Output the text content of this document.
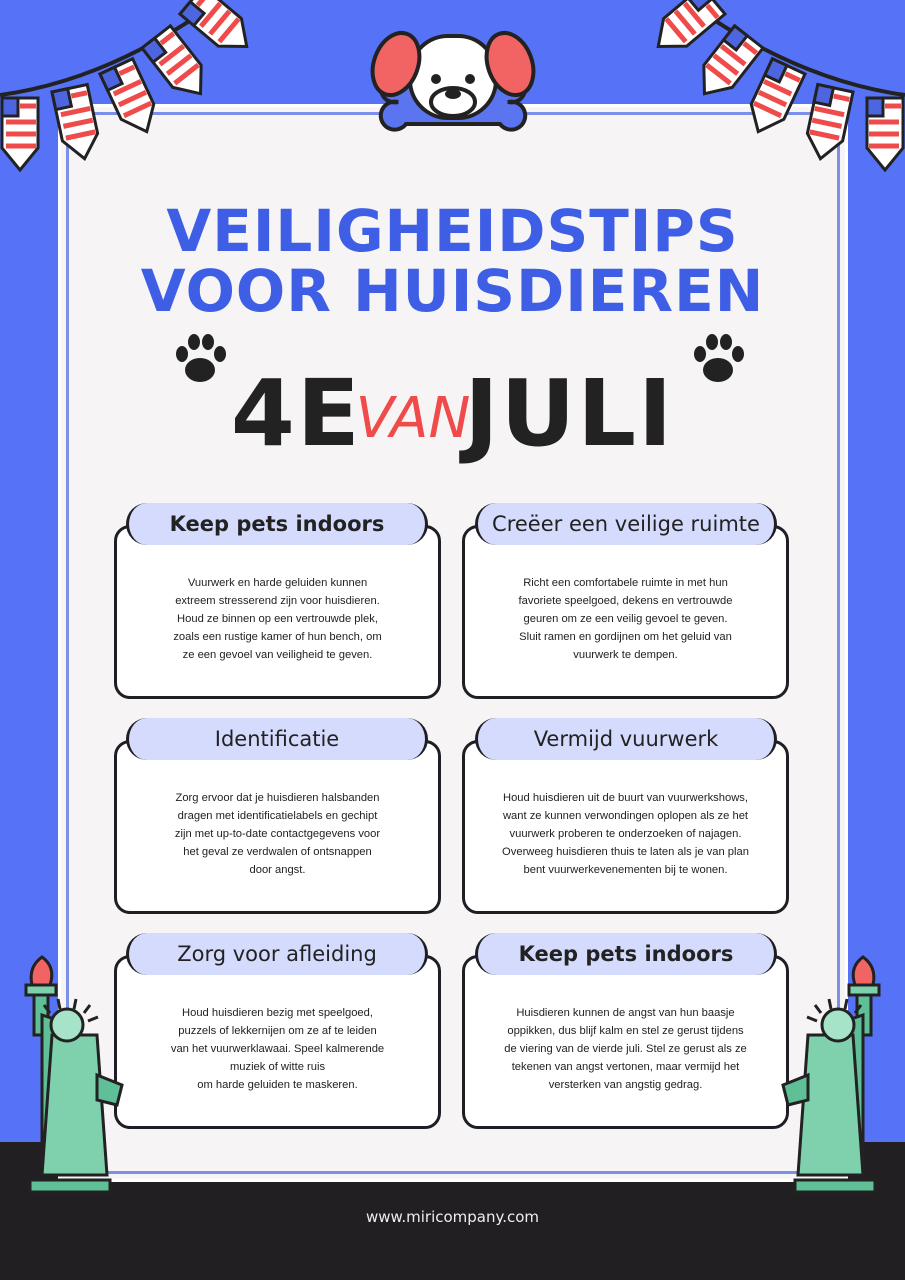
VEILIGHEIDSTIPS
VOOR HUISDIEREN
4EVANJULI
Vuurwerk en harde geluiden kunnen
extreem stresserend zijn voor huisdieren.
Houd ze binnen op een vertrouwde plek,
zoals een rustige kamer of hun bench, om
ze een gevoel van veiligheid te geven.
Keep pets indoors
Richt een comfortabele ruimte in met hun
favoriete speelgoed, dekens en vertrouwde
geuren om ze een veilig gevoel te geven.
Sluit ramen en gordijnen om het geluid van
vuurwerk te dempen.
Creëer een veilige ruimte
Zorg ervoor dat je huisdieren halsbanden
dragen met identificatielabels en gechipt
zijn met up-to-date contactgegevens voor
het geval ze verdwalen of ontsnappen
door angst.
Identificatie
Houd huisdieren uit de buurt van vuurwerkshows,
want ze kunnen verwondingen oplopen als ze het
vuurwerk proberen te onderzoeken of najagen.
Overweeg huisdieren thuis te laten als je van plan
bent vuurwerkevenementen bij te wonen.
Vermijd vuurwerk
Houd huisdieren bezig met speelgoed,
puzzels of lekkernijen om ze af te leiden
van het vuurwerklawaai. Speel kalmerende
muziek of witte ruis
om harde geluiden te maskeren.
Zorg voor afleiding
Huisdieren kunnen de angst van hun baasje
oppikken, dus blijf kalm en stel ze gerust tijdens
de viering van de vierde juli. Stel ze gerust als ze
tekenen van angst vertonen, maar vermijd het
versterken van angstig gedrag.
Keep pets indoors
www.miricompany.com
